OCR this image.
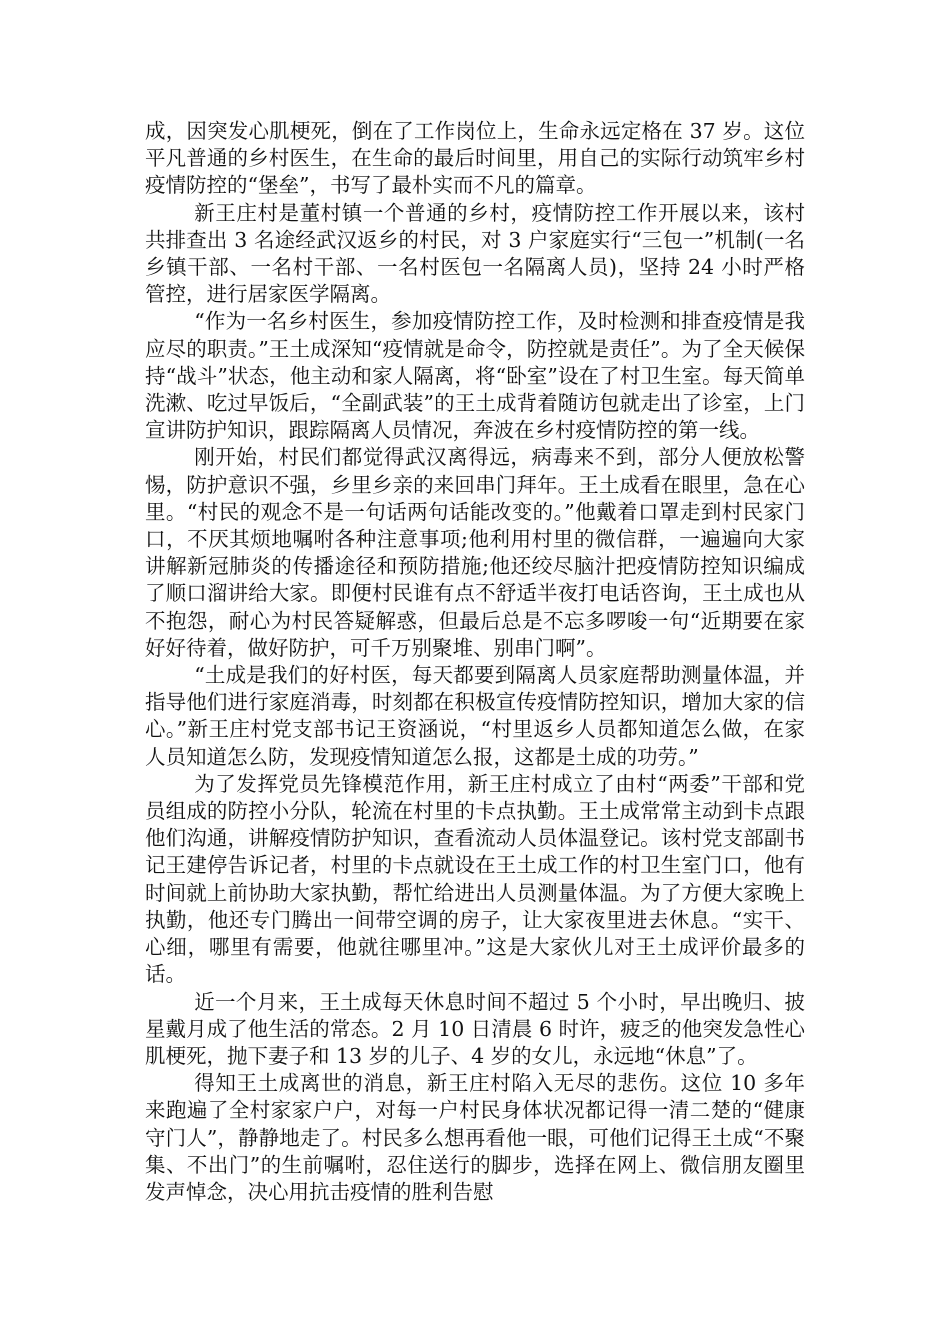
成，因突发心肌梗死，倒在了工作岗位上，生命永远定格在 37 岁。这位平凡普通的乡村医生，在生命的最后时间里，用自己的实际行动筑牢乡村疫情防控的“堡垒”，书写了最朴实而不凡的篇章。

新王庄村是董村镇一个普通的乡村，疫情防控工作开展以来，该村共排查出 3 名途经武汉返乡的村民，对 3 户家庭实行“三包一”机制(一名乡镇干部、一名村干部、一名村医包一名隔离人员)，坚持 24 小时严格管控，进行居家医学隔离。

“作为一名乡村医生，参加疫情防控工作，及时检测和排查疫情是我应尽的职责。”王土成深知“疫情就是命令，防控就是责任”。为了全天候保持“战斗”状态，他主动和家人隔离，将“卧室”设在了村卫生室。每天简单洗漱、吃过早饭后，“全副武装”的王土成背着随访包就走出了诊室，上门宣讲防护知识，跟踪隔离人员情况，奔波在乡村疫情防控的第一线。

刚开始，村民们都觉得武汉离得远，病毒来不到，部分人便放松警惕，防护意识不强，乡里乡亲的来回串门拜年。王土成看在眼里，急在心里。“村民的观念不是一句话两句话能改变的。”他戴着口罩走到村民家门口，不厌其烦地嘱咐各种注意事项;他利用村里的微信群，一遍遍向大家讲解新冠肺炎的传播途径和预防措施;他还绞尽脑汁把疫情防控知识编成了顺口溜讲给大家。即便村民谁有点不舒适半夜打电话咨询，王土成也从不抱怨，耐心为村民答疑解惑，但最后总是不忘多啰唆一句“近期要在家好好待着，做好防护，可千万别聚堆、别串门啊”。

“土成是我们的好村医，每天都要到隔离人员家庭帮助测量体温，并指导他们进行家庭消毒，时刻都在积极宣传疫情防控知识，增加大家的信心。”新王庄村党支部书记王资涵说，“村里返乡人员都知道怎么做，在家人员知道怎么防，发现疫情知道怎么报，这都是土成的功劳。”

为了发挥党员先锋模范作用，新王庄村成立了由村“两委”干部和党员组成的防控小分队，轮流在村里的卡点执勤。王土成常常主动到卡点跟他们沟通，讲解疫情防护知识，查看流动人员体温登记。该村党支部副书记王建停告诉记者，村里的卡点就设在王土成工作的村卫生室门口，他有时间就上前协助大家执勤，帮忙给进出人员测量体温。为了方便大家晚上执勤，他还专门腾出一间带空调的房子，让大家夜里进去休息。“实干、心细，哪里有需要，他就往哪里冲。”这是大家伙儿对王土成评价最多的话。

近一个月来，王土成每天休息时间不超过 5 个小时，早出晚归、披星戴月成了他生活的常态。2 月 10 日清晨 6 时许，疲乏的他突发急性心肌梗死，抛下妻子和 13 岁的儿子、4 岁的女儿，永远地“休息”了。

得知王土成离世的消息，新王庄村陷入无尽的悲伤。这位 10 多年来跑遍了全村家家户户，对每一户村民身体状况都记得一清二楚的“健康守门人”，静静地走了。村民多么想再看他一眼，可他们记得王土成“不聚集、不出门”的生前嘱咐，忍住送行的脚步，选择在网上、微信朋友圈里发声悼念，决心用抗击疫情的胜利告慰
